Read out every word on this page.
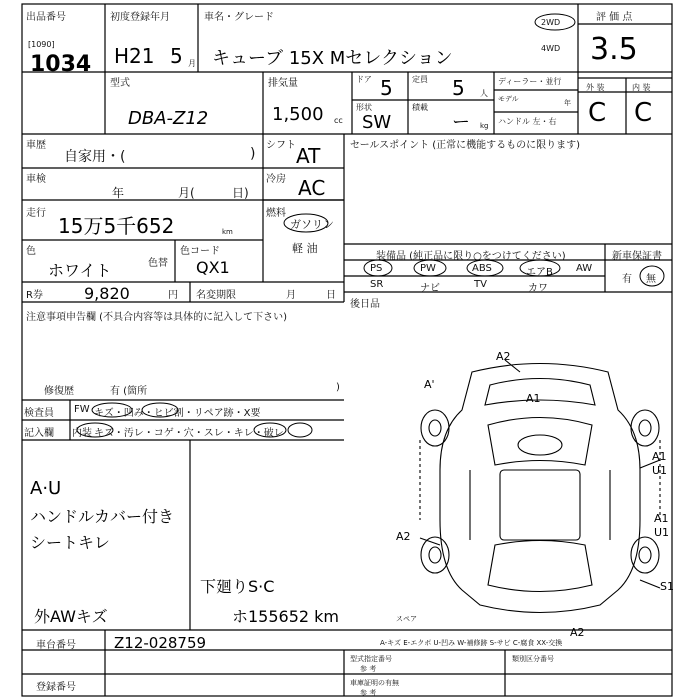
出品番号
[1090]
1034
初度登録年月
H21 5 月
車名・グレード
キューブ 15X Mセレクション
2WD
4WD
評 価 点
3.5
外 装	内 装
C C
型式
DBA-Z12
排気量
1,500 cc
ドア 5 定員 5 人
形状
SW
積載
ー kg
ディーラー・並行
モデル	年
ハンドル 左・右
車歴
自家用・(	)
シフト AT
車検
年	月(	日)
冷房 AC
走行
15万5千652	km
燃料
ガソリン
軽 油
色
ホワイト	色替
色コード
QX1
R券	9,820	円 名変期限	月	日
注意事項申告欄 (不具合内容等は具体的に記入して下さい)
修復歴	有 (箇所	)
検査員
記入欄
FW キズ・凹み・ヒビ割・リペア跡・X要
内装 キズ・汚レ・コゲ・穴・スレ・キレ・破レ
セールスポイント (正常に機能するものに限ります)
装備品 (純正品に限り○をつけてください)	新車保証書
PS	PW	ABS	エアB AW
SR	ナビ	TV	カワ
有 無
後日品
A·U
ハンドルカバー付き
シートキレ
下廻りS·C
外AWキズ	ホ155652 km	スペア
A2
A1
A'
A1
U1
A1
U1
A2
A2
S1
A-キズ E-エクボ U-凹み W-補修跡 S-サビ C-腐食 XX-交換
車台番号	Z12-028759
登録番号
型式指定番号
参 考
類別区分番号
車庫証明の有無
参 考
